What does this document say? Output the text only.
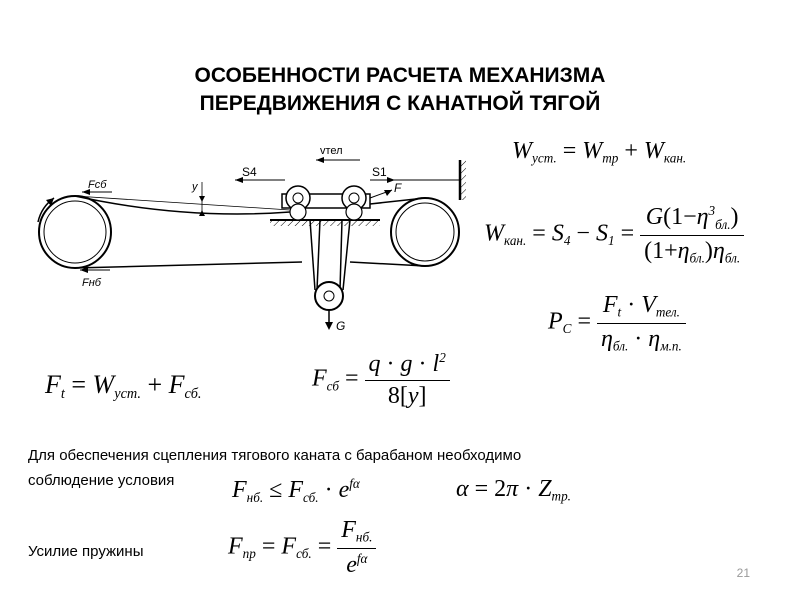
ОСОБЕННОСТИ РАСЧЕТА МЕХАНИЗМА
ПЕРЕДВИЖЕНИЯ С КАНАТНОЙ ТЯГОЙ
vтел
S4	S1
F
y
Fсб
Fнб
G
$W_{уст.} = W_{тр} + W_{кан.}$
$W_{кан.} = S_4 - S_1 = \frac{G(1-\eta^3_{бл.})}{(1+\eta_{бл.})\eta_{бл.}}$
$P_C = \frac{F_t \cdot V_{тел.}}{\eta_{бл.} \cdot \eta_{м.п.}}$
$F_t = W_{уст.} + F_{сб.}$
$F_{сб} = \frac{q \cdot g \cdot l^2}{8[y]}$
Для обеспечения сцепления тягового каната с барабаном необходимо
соблюдение условия $F_{нб.} \le F_{сб.} \cdot e^{f\alpha}$	$\alpha = 2\pi \cdot Z_{тр.}$
Усилие пружины	$F_{пр} = F_{сб.} = \frac{F_{нб.}}{e^{f\alpha}}$	21
